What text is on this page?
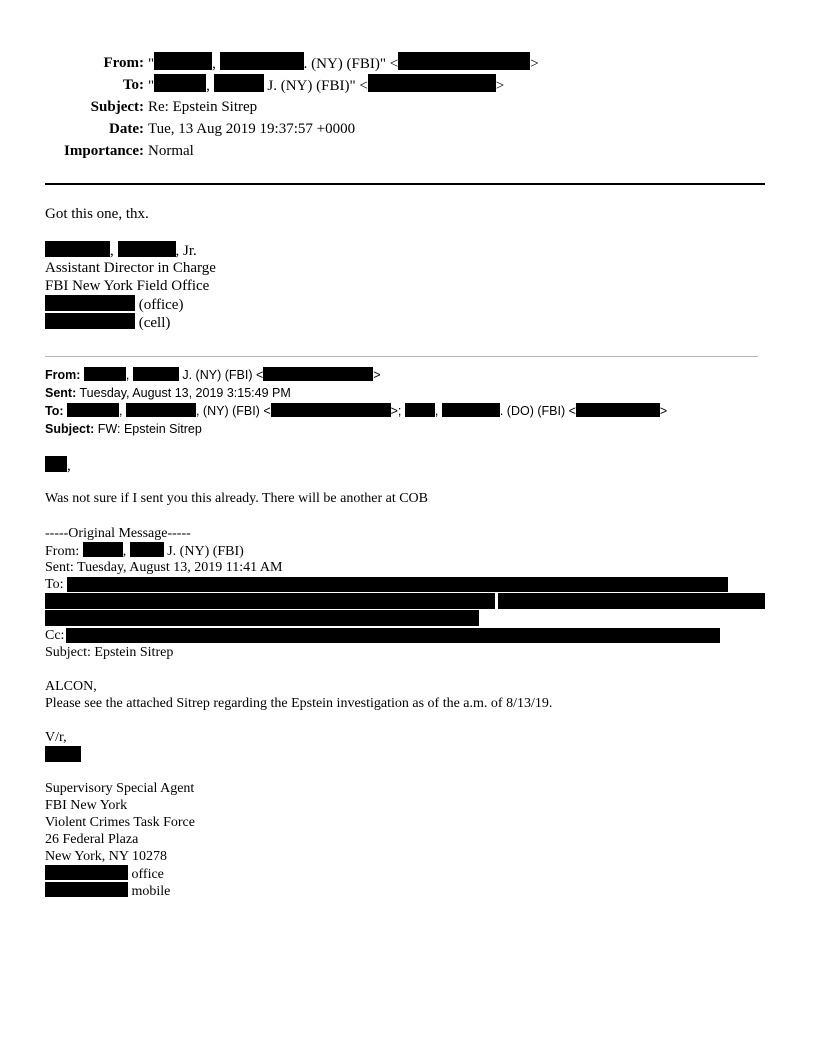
From: "	,	. (NY) (FBI)" <	>
To: "	,	J. (NY) (FBI)" <	>
Subject: Re: Epstein Sitrep
Date: Tue, 13 Aug 2019 19:37:57 +0000
Importance: Normal
Got this one, thx.
,	, Jr.
Assistant Director in Charge
FBI New York Field Office
(office)
(cell)
From:	,	J. (NY) (FBI) <	>
Sent: Tuesday, August 13, 2019 3:15:49 PM
To:	,	, (NY) (FBI) <	>;	,	. (DO) (FBI) <	>
Subject: FW: Epstein Sitrep
,
Was not sure if I sent you this already. There will be another at COB
-----Original Message-----
From:	,	J. (NY) (FBI)
Sent: Tuesday, August 13, 2019 11:41 AM
To:
Cc:
Subject: Epstein Sitrep
ALCON,
Please see the attached Sitrep regarding the Epstein investigation as of the a.m. of 8/13/19.
V/r,
Supervisory Special Agent
FBI New York
Violent Crimes Task Force
26 Federal Plaza
New York, NY 10278
office
mobile
